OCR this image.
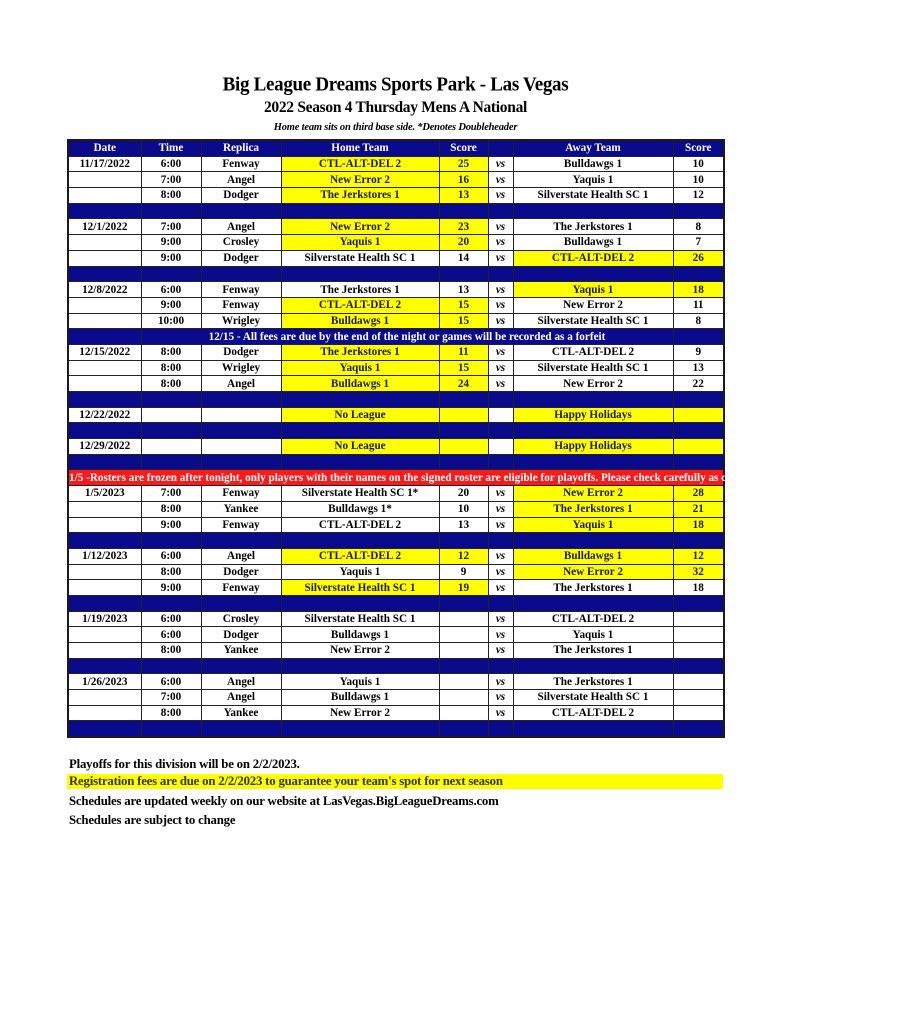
Big League Dreams Sports Park - Las Vegas
2022 Season 4 Thursday Mens A National
Home team sits on third base side. *Denotes Doubleheader
Date	Time	Replica	Home Team	Score		Away Team	Score
11/17/2022	6:00	Fenway	CTL-ALT-DEL 2	25	vs	Bulldawgs 1	10
	7:00	Angel	New Error 2	16	vs	Yaquis 1	10
	8:00	Dodger	The Jerkstores 1	13	vs	Silverstate Health SC 1	12

12/1/2022	7:00	Angel	New Error 2	23	vs	The Jerkstores 1	8
	9:00	Crosley	Yaquis 1	20	vs	Bulldawgs 1	7
	9:00	Dodger	Silverstate Health SC 1	14	vs	CTL-ALT-DEL 2	26

12/8/2022	6:00	Fenway	The Jerkstores 1	13	vs	Yaquis 1	18
	9:00	Fenway	CTL-ALT-DEL 2	15	vs	New Error 2	11
	10:00	Wrigley	Bulldawgs 1	15	vs	Silverstate Health SC 1	8
	12/15 - All fees are due by the end of the night or games will be recorded as a forfeit						
12/15/2022	8:00	Dodger	The Jerkstores 1	11	vs	CTL-ALT-DEL 2	9
	8:00	Wrigley	Yaquis 1	15	vs	Silverstate Health SC 1	13
	8:00	Angel	Bulldawgs 1	24	vs	New Error 2	22

12/22/2022			No League			Happy Holidays	

12/29/2022			No League			Happy Holidays	

1/5 -Rosters are frozen after tonight, only players with their names on the signed roster are eligible for playoffs. Please check carefully as changes will not be made for omissions.							
1/5/2023	7:00	Fenway	Silverstate Health SC 1*	20	vs	New Error 2	28
	8:00	Yankee	Bulldawgs 1*	10	vs	The Jerkstores 1	21
	9:00	Fenway	CTL-ALT-DEL 2	13	vs	Yaquis 1	18

1/12/2023	6:00	Angel	CTL-ALT-DEL 2	12	vs	Bulldawgs 1	12
	8:00	Dodger	Yaquis 1	9	vs	New Error 2	32
	9:00	Fenway	Silverstate Health SC 1	19	vs	The Jerkstores 1	18

1/19/2023	6:00	Crosley	Silverstate Health SC 1		vs	CTL-ALT-DEL 2	
	6:00	Dodger	Bulldawgs 1		vs	Yaquis 1	
	8:00	Yankee	New Error 2		vs	The Jerkstores 1	

1/26/2023	6:00	Angel	Yaquis 1		vs	The Jerkstores 1	
	7:00	Angel	Bulldawgs 1		vs	Silverstate Health SC 1	
	8:00	Yankee	New Error 2		vs	CTL-ALT-DEL 2	

Playoffs for this division will be on 2/2/2023.
Registration fees are due on 2/2/2023 to guarantee your team's spot for next season
Schedules are updated weekly on our website at LasVegas.BigLeagueDreams.com
Schedules are subject to change
